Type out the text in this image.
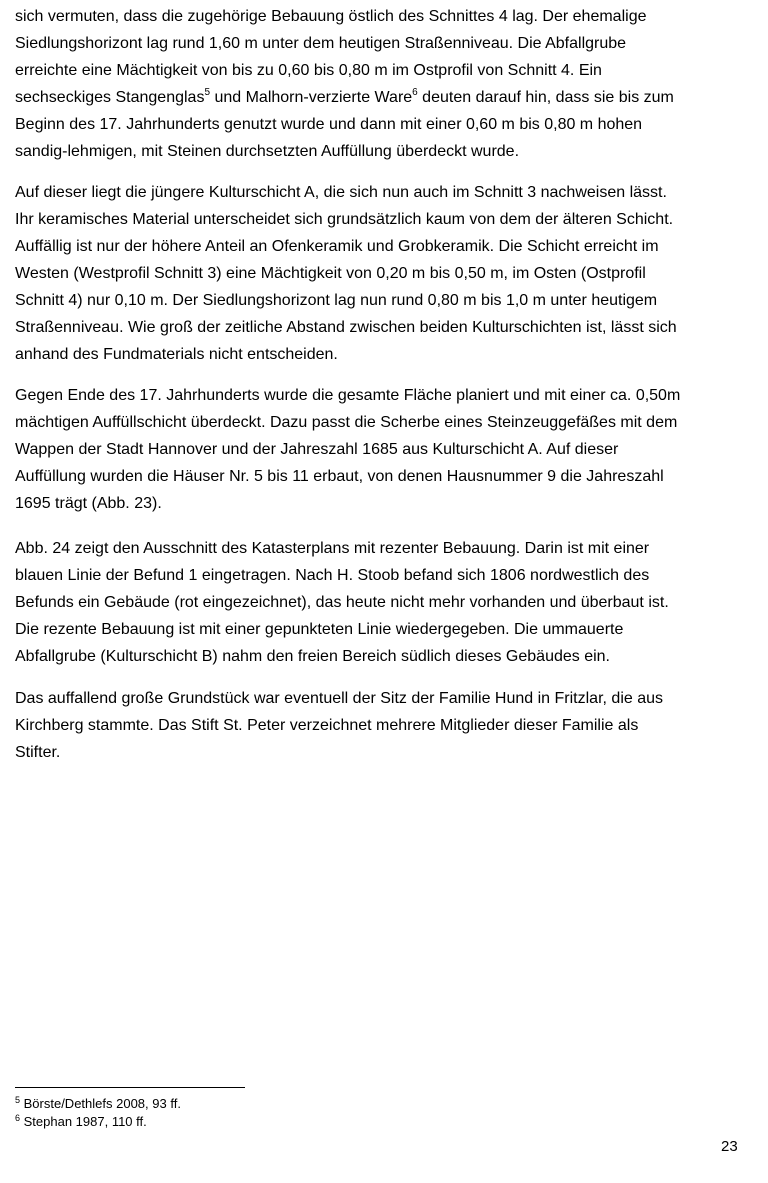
sich vermuten, dass die zugehörige Bebauung östlich des Schnittes 4 lag. Der ehemalige
Siedlungshorizont lag rund 1,60 m unter dem heutigen Straßenniveau. Die Abfallgrube
erreichte eine Mächtigkeit von bis zu 0,60 bis 0,80 m im Ostprofil von Schnitt 4. Ein
sechseckiges Stangenglas$^5$ und Malhorn-verzierte Ware$^6$ deuten darauf hin, dass sie bis zum
Beginn des 17. Jahrhunderts genutzt wurde und dann mit einer 0,60 m bis 0,80 m hohen
sandig-lehmigen, mit Steinen durchsetzten Auffüllung überdeckt wurde.

Auf dieser liegt die jüngere Kulturschicht A, die sich nun auch im Schnitt 3 nachweisen lässt.
Ihr keramisches Material unterscheidet sich grundsätzlich kaum von dem der älteren Schicht.
Auffällig ist nur der höhere Anteil an Ofenkeramik und Grobkeramik. Die Schicht erreicht im
Westen (Westprofil Schnitt 3) eine Mächtigkeit von 0,20 m bis 0,50 m, im Osten (Ostprofil
Schnitt 4) nur 0,10 m. Der Siedlungshorizont lag nun rund 0,80 m bis 1,0 m unter heutigem
Straßenniveau. Wie groß der zeitliche Abstand zwischen beiden Kulturschichten ist, lässt sich
anhand des Fundmaterials nicht entscheiden.

Gegen Ende des 17. Jahrhunderts wurde die gesamte Fläche planiert und mit einer ca. 0,50m
mächtigen Auffüllschicht überdeckt. Dazu passt die Scherbe eines Steinzeuggefäßes mit dem
Wappen der Stadt Hannover und der Jahreszahl 1685 aus Kulturschicht A. Auf dieser
Auffüllung wurden die Häuser Nr. 5 bis 11 erbaut, von denen Hausnummer 9 die Jahreszahl
1695 trägt (Abb. 23).

Abb. 24 zeigt den Ausschnitt des Katasterplans mit rezenter Bebauung. Darin ist mit einer
blauen Linie der Befund 1 eingetragen. Nach H. Stoob befand sich 1806 nordwestlich des
Befunds ein Gebäude (rot eingezeichnet), das heute nicht mehr vorhanden und überbaut ist.
Die rezente Bebauung ist mit einer gepunkteten Linie wiedergegeben. Die ummauerte
Abfallgrube (Kulturschicht B) nahm den freien Bereich südlich dieses Gebäudes ein.

Das auffallend große Grundstück war eventuell der Sitz der Familie Hund in Fritzlar, die aus
Kirchberg stammte. Das Stift St. Peter verzeichnet mehrere Mitglieder dieser Familie als
Stifter.

$^5$ Börste/Dethlefs 2008, 93 ff.
$^6$ Stephan 1987, 110 ff.
23
